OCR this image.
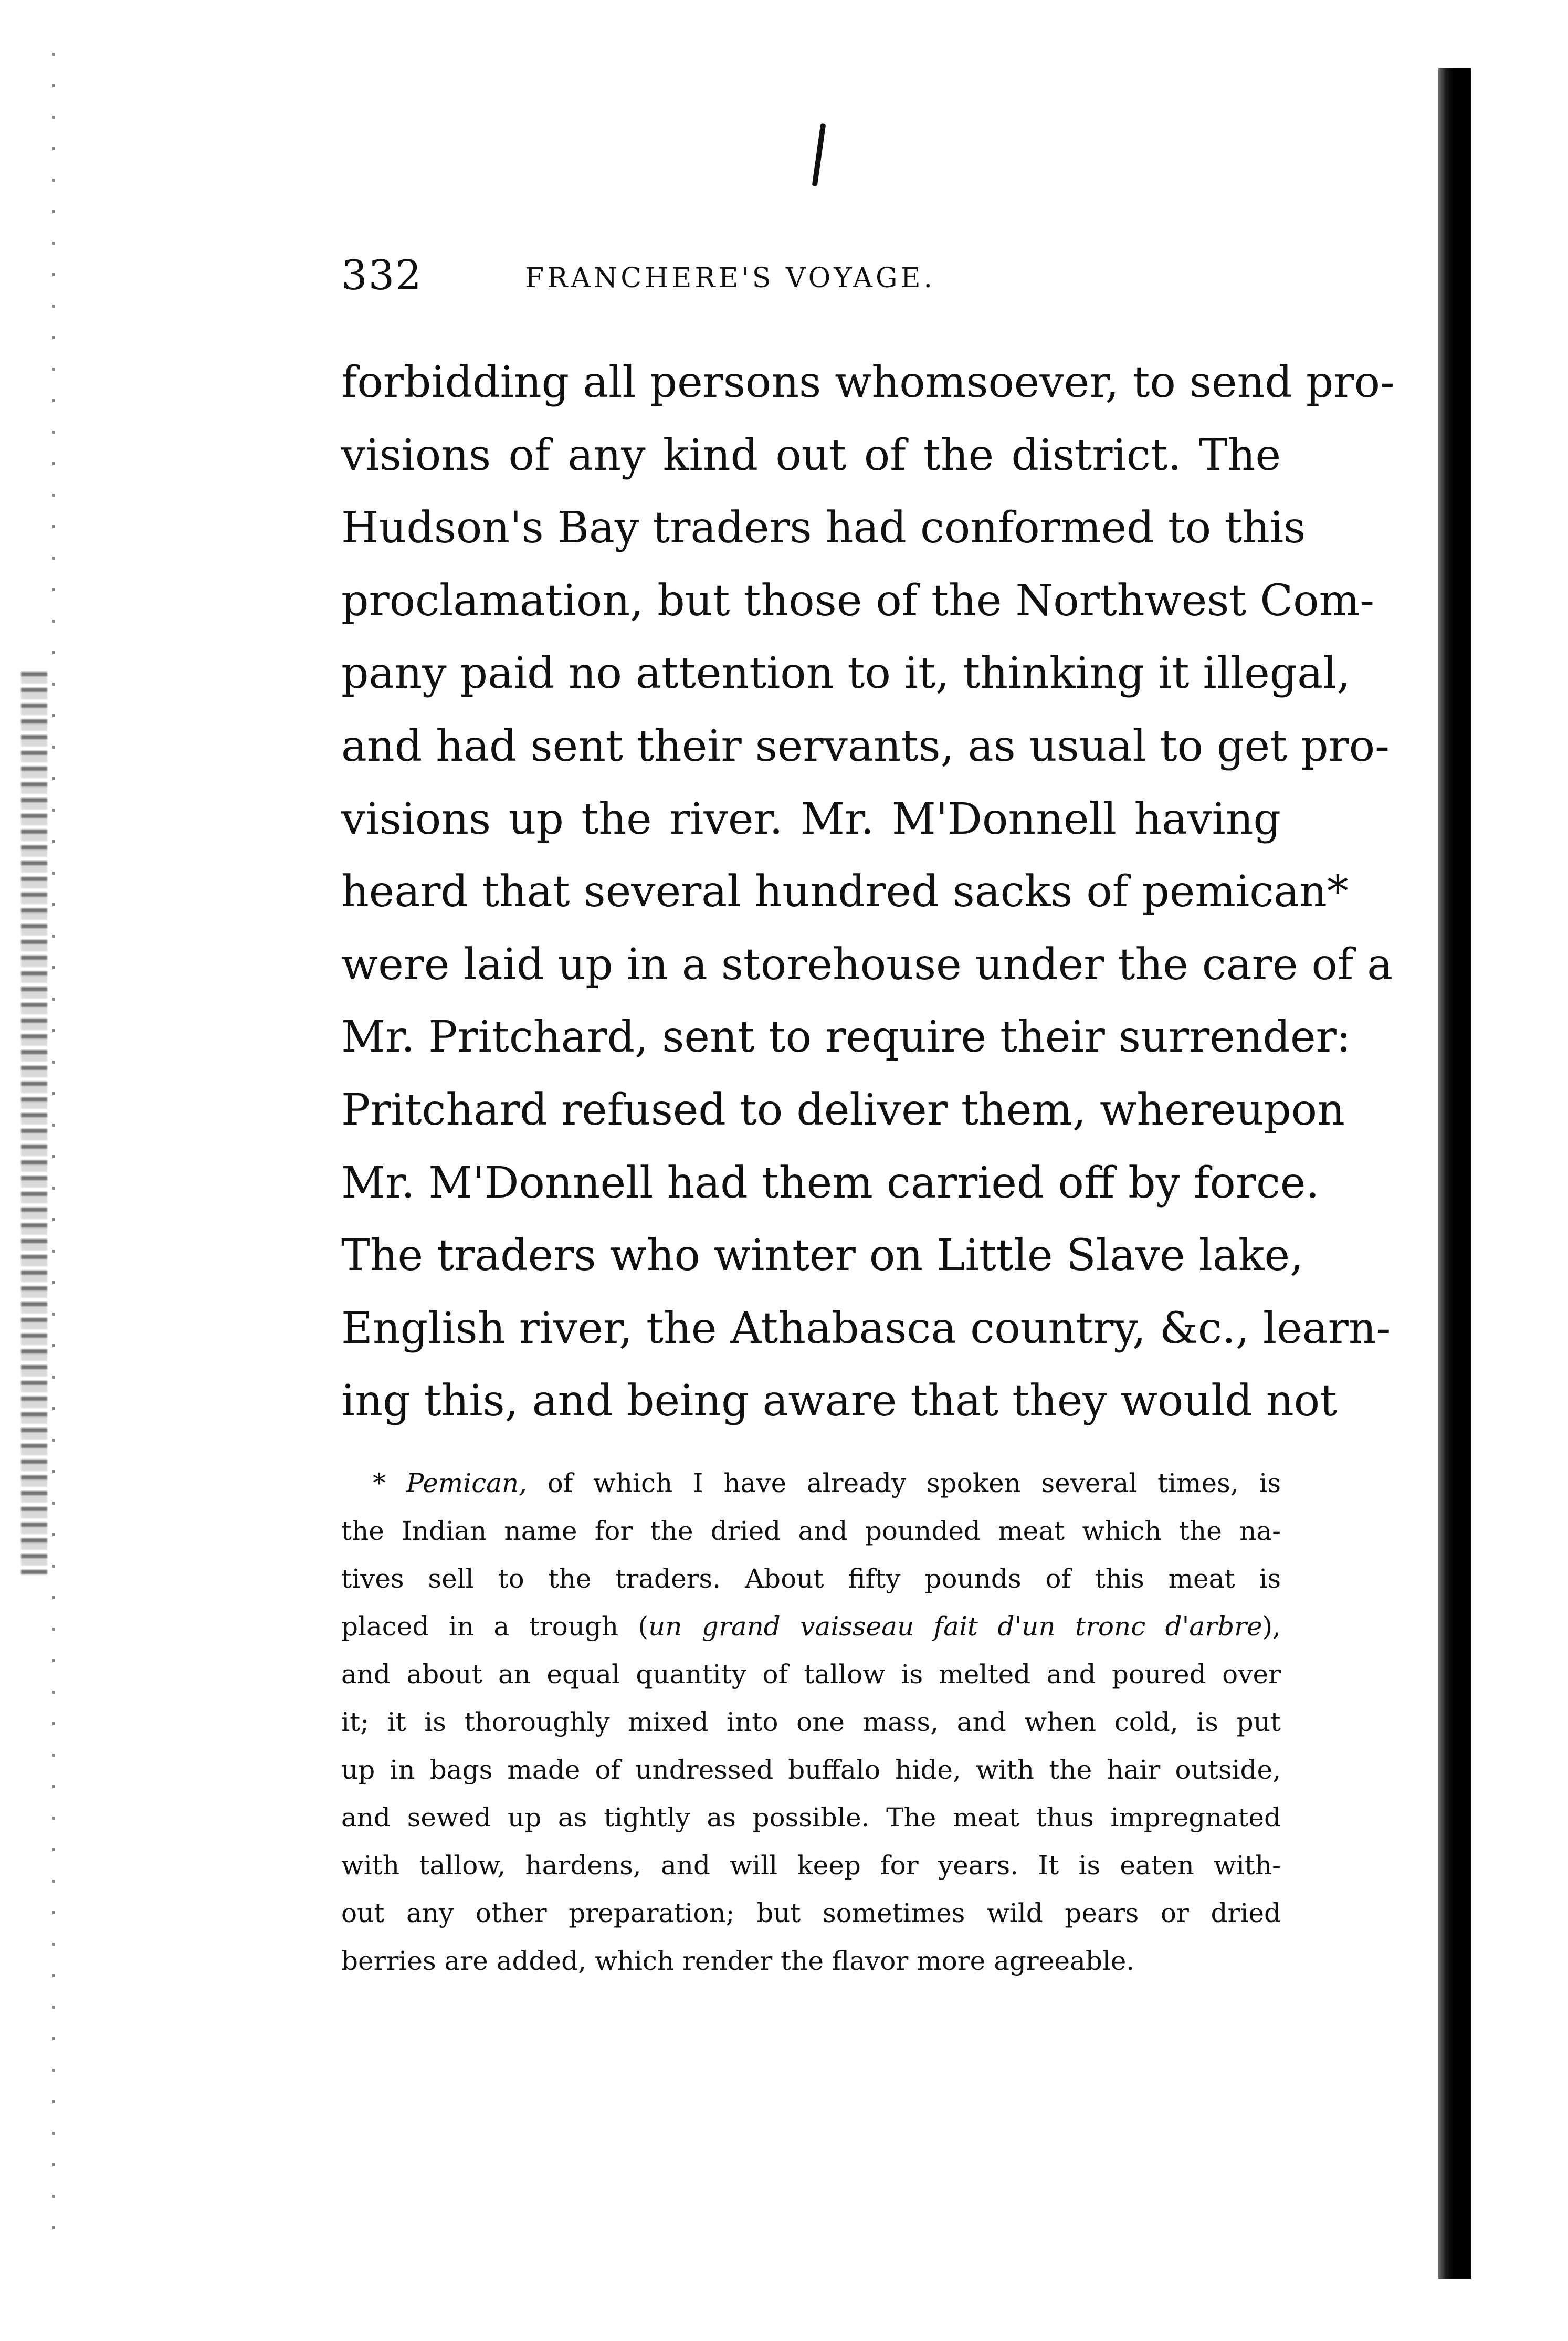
332	FRANCHERE'S VOYAGE.
forbidding all persons whomsoever, to send pro-
visions of any kind out of the district. The
Hudson's Bay traders had conformed to this
proclamation, but those of the Northwest Com-
pany paid no attention to it, thinking it illegal,
and had sent their servants, as usual to get pro-
visions up the river. Mr. M'Donnell having
heard that several hundred sacks of pemican*
were laid up in a storehouse under the care of a
Mr. Pritchard, sent to require their surrender:
Pritchard refused to deliver them, whereupon
Mr. M'Donnell had them carried off by force.
The traders who winter on Little Slave lake,
English river, the Athabasca country, &c., learn-
ing this, and being aware that they would not
* Pemican, of which I have already spoken several times, is
the Indian name for the dried and pounded meat which the na-
tives sell to the traders. About fifty pounds of this meat is
placed in a trough (un grand vaisseau fait d'un tronc d'arbre),
and about an equal quantity of tallow is melted and poured over
it; it is thoroughly mixed into one mass, and when cold, is put
up in bags made of undressed buffalo hide, with the hair outside,
and sewed up as tightly as possible. The meat thus impregnated
with tallow, hardens, and will keep for years. It is eaten with-
out any other preparation; but sometimes wild pears or dried
berries are added, which render the flavor more agreeable.
